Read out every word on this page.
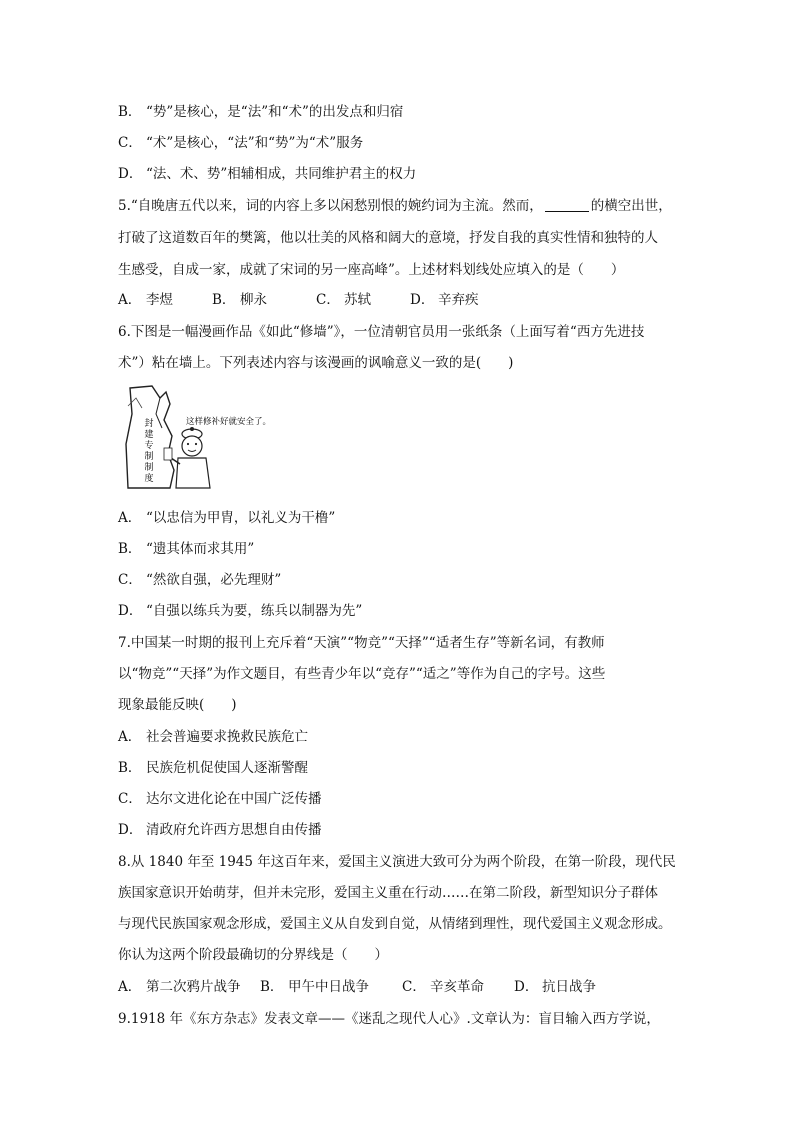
B． “势”是核心，是“法”和“术”的出发点和归宿
C． “术”是核心，“法”和“势”为“术”服务
D． “法、术、势”相辅相成，共同维护君主的权力
5.“自晚唐五代以来，词的内容上多以闲愁别恨的婉约词为主流。然而，	的横空出世，
打破了这道数百年的樊篱，他以壮美的风格和阔大的意境，抒发自我的真实性情和独特的人
生感受，自成一家，成就了宋词的另一座高峰”。上述材料划线处应填入的是（　　）
A． 李煜	B． 柳永	C． 苏轼	D． 辛弃疾
6.下图是一幅漫画作品《如此“修墙”》，一位清朝官员用一张纸条（上面写着“西方先进技
术”）粘在墙上。下列表述内容与该漫画的讽喻意义一致的是(　　)
封
建
专
制
制
度
这样修补好就安全了。
A． “以忠信为甲胄，以礼义为干橹”
B． “遗其体而求其用”
C． “然欲自强，必先理财”
D． “自强以练兵为要，练兵以制器为先”
7.中国某一时期的报刊上充斥着“天演”“物竞”“天择”“适者生存”等新名词，有教师
以“物竞”“天择”为作文题目，有些青少年以“竞存”“适之”等作为自己的字号。这些
现象最能反映(　　)
A． 社会普遍要求挽救民族危亡
B． 民族危机促使国人逐渐警醒
C． 达尔文进化论在中国广泛传播
D． 清政府允许西方思想自由传播
8.从 1840 年至 1945 年这百年来，爱国主义演进大致可分为两个阶段，在第一阶段，现代民
族国家意识开始萌芽，但并未完形，爱国主义重在行动……在第二阶段，新型知识分子群体
与现代民族国家观念形成，爱国主义从自发到自觉，从情绪到理性，现代爱国主义观念形成。
你认为这两个阶段最确切的分界线是（　　）
A． 第二次鸦片战争 B． 甲午中日战争 C． 辛亥革命 D． 抗日战争
9.1918 年《东方杂志》发表文章——《迷乱之现代人心》.文章认为：盲目输入西方学说，
